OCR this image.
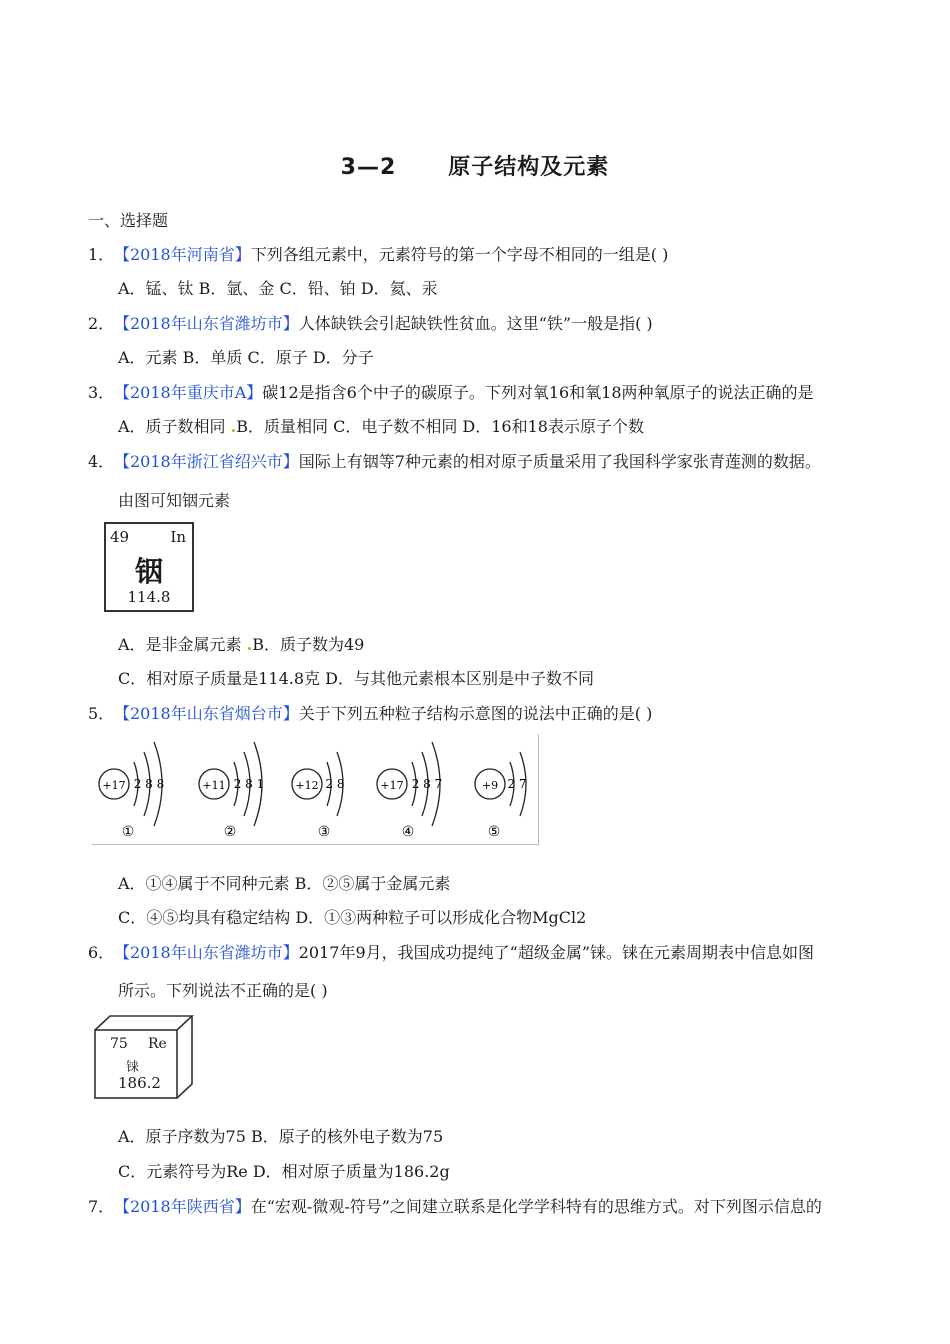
3—2 原子结构及元素
一、选择题
1．【2018年河南省】下列各组元素中，元素符号的第一个字母不相同的一组是( )
A．锰、钛 B．氩、金 C．铅、铂 D．氦、汞
2．【2018年山东省潍坊市】人体缺铁会引起缺铁性贫血。这里“铁”一般是指( )
A．元素 B．单质 C．原子 D．分子
3．【2018年重庆市A】碳12是指含6个中子的碳原子。下列对氧16和氧18两种氧原子的说法正确的是
A．质子数相同 .B．质量相同 C．电子数不相同 D．16和18表示原子个数
4．【2018年浙江省绍兴市】国际上有铟等7种元素的相对原子质量采用了我国科学家张青莲测的数据。
由图可知铟元素
49	In
铟
114.8
A．是非金属元素 .B．质子数为49
C．相对原子质量是114.8克 D．与其他元素根本区别是中子数不同
5．【2018年山东省烟台市】关于下列五种粒子结构示意图的说法中正确的是( )
+17 2 8 8
①
+11 2 8 1
②
+12 2 8
③
+17 2 8 7
④
+9 2 7
⑤
A．①④属于不同种元素 B．②⑤属于金属元素
C．④⑤均具有稳定结构 D．①③两种粒子可以形成化合物MgCl2
6．【2018年山东省潍坊市】2017年9月，我国成功提纯了“超级金属”铼。铼在元素周期表中信息如图
所示。下列说法不正确的是( )
75 Re
铼
186.2
A．原子序数为75 B．原子的核外电子数为75
C．元素符号为Re D．相对原子质量为186.2g
7．【2018年陕西省】在“宏观-微观-符号”之间建立联系是化学学科特有的思维方式。对下列图示信息的
